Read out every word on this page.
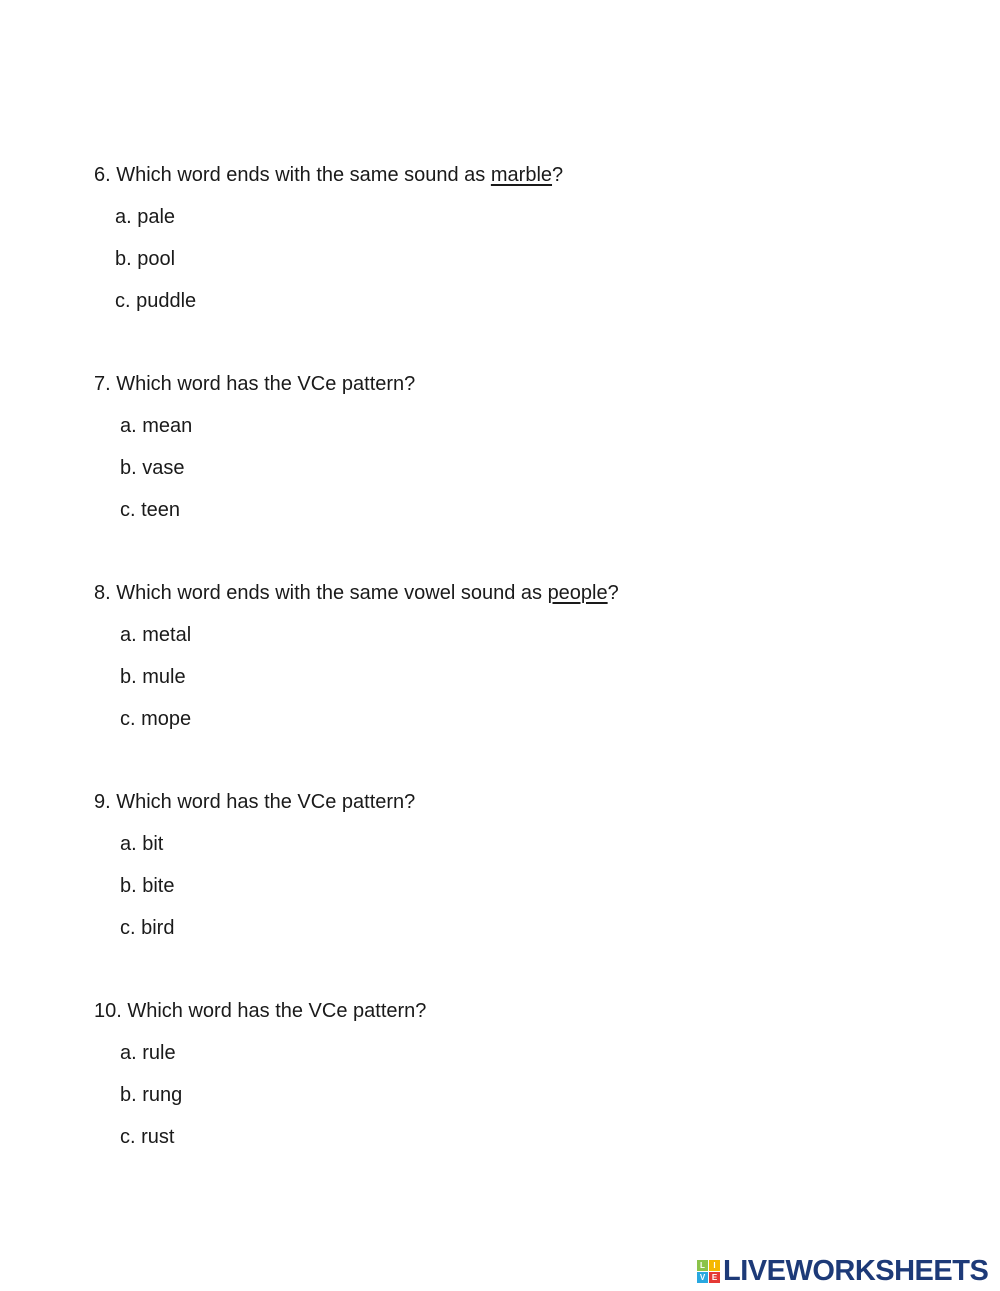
6. Which word ends with the same sound as marble?
a. pale
b. pool
c. puddle
7. Which word has the VCe pattern?
a. mean
b. vase
c. teen
8. Which word ends with the same vowel sound as people?
a. metal
b. mule
c. mope
9. Which word has the VCe pattern?
a. bit
b. bite
c. bird
10. Which word has the VCe pattern?
a. rule
b. rung
c. rust
L	I
V E LIVEWORKSHEETS
